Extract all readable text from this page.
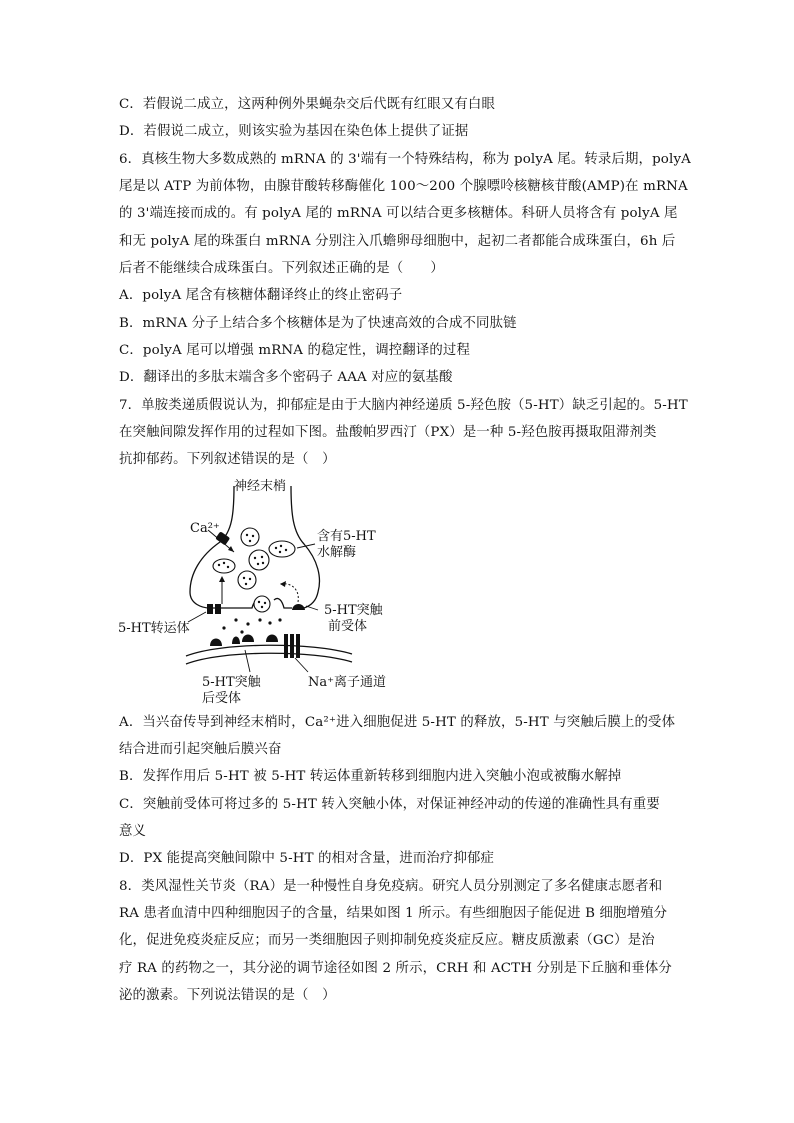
C．若假说二成立，这两种例外果蝇杂交后代既有红眼又有白眼
D．若假说二成立，则该实验为基因在染色体上提供了证据
6．真核生物大多数成熟的 mRNA 的 3'端有一个特殊结构，称为 polyA 尾。转录后期，polyA
尾是以 ATP 为前体物，由腺苷酸转移酶催化 100～200 个腺嘌呤核糖核苷酸(AMP)在 mRNA
的 3'端连接而成的。有 polyA 尾的 mRNA 可以结合更多核糖体。科研人员将含有 polyA 尾
和无 polyA 尾的珠蛋白 mRNA 分别注入爪蟾卵母细胞中，起初二者都能合成珠蛋白，6h 后
后者不能继续合成珠蛋白。下列叙述正确的是（　　）
A．polyA 尾含有核糖体翻译终止的终止密码子
B．mRNA 分子上结合多个核糖体是为了快速高效的合成不同肽链
C．polyA 尾可以增强 mRNA 的稳定性，调控翻译的过程
D．翻译出的多肽末端含多个密码子 AAA 对应的氨基酸
7．单胺类递质假说认为，抑郁症是由于大脑内神经递质 5-羟色胺（5-HT）缺乏引起的。5-HT
在突触间隙发挥作用的过程如下图。盐酸帕罗西汀（PX）是一种 5-羟色胺再摄取阻滞剂类
抗抑郁药。下列叙述错误的是（　）
神经末梢
Ca²⁺
含有5-HT
水解酶
5-HT转运体
5-HT突触
前受体
5-HT突触
后受体
Na⁺离子通道
A．当兴奋传导到神经末梢时，Ca²⁺进入细胞促进 5-HT 的释放，5-HT 与突触后膜上的受体
结合进而引起突触后膜兴奋
B．发挥作用后 5-HT 被 5-HT 转运体重新转移到细胞内进入突触小泡或被酶水解掉
C．突触前受体可将过多的 5-HT 转入突触小体，对保证神经冲动的传递的准确性具有重要
意义
D．PX 能提高突触间隙中 5-HT 的相对含量，进而治疗抑郁症
8．类风湿性关节炎（RA）是一种慢性自身免疫病。研究人员分别测定了多名健康志愿者和
RA 患者血清中四种细胞因子的含量，结果如图 1 所示。有些细胞因子能促进 B 细胞增殖分
化，促进免疫炎症反应；而另一类细胞因子则抑制免疫炎症反应。糖皮质激素（GC）是治
疗 RA 的药物之一，其分泌的调节途径如图 2 所示，CRH 和 ACTH 分别是下丘脑和垂体分
泌的激素。下列说法错误的是（　）
